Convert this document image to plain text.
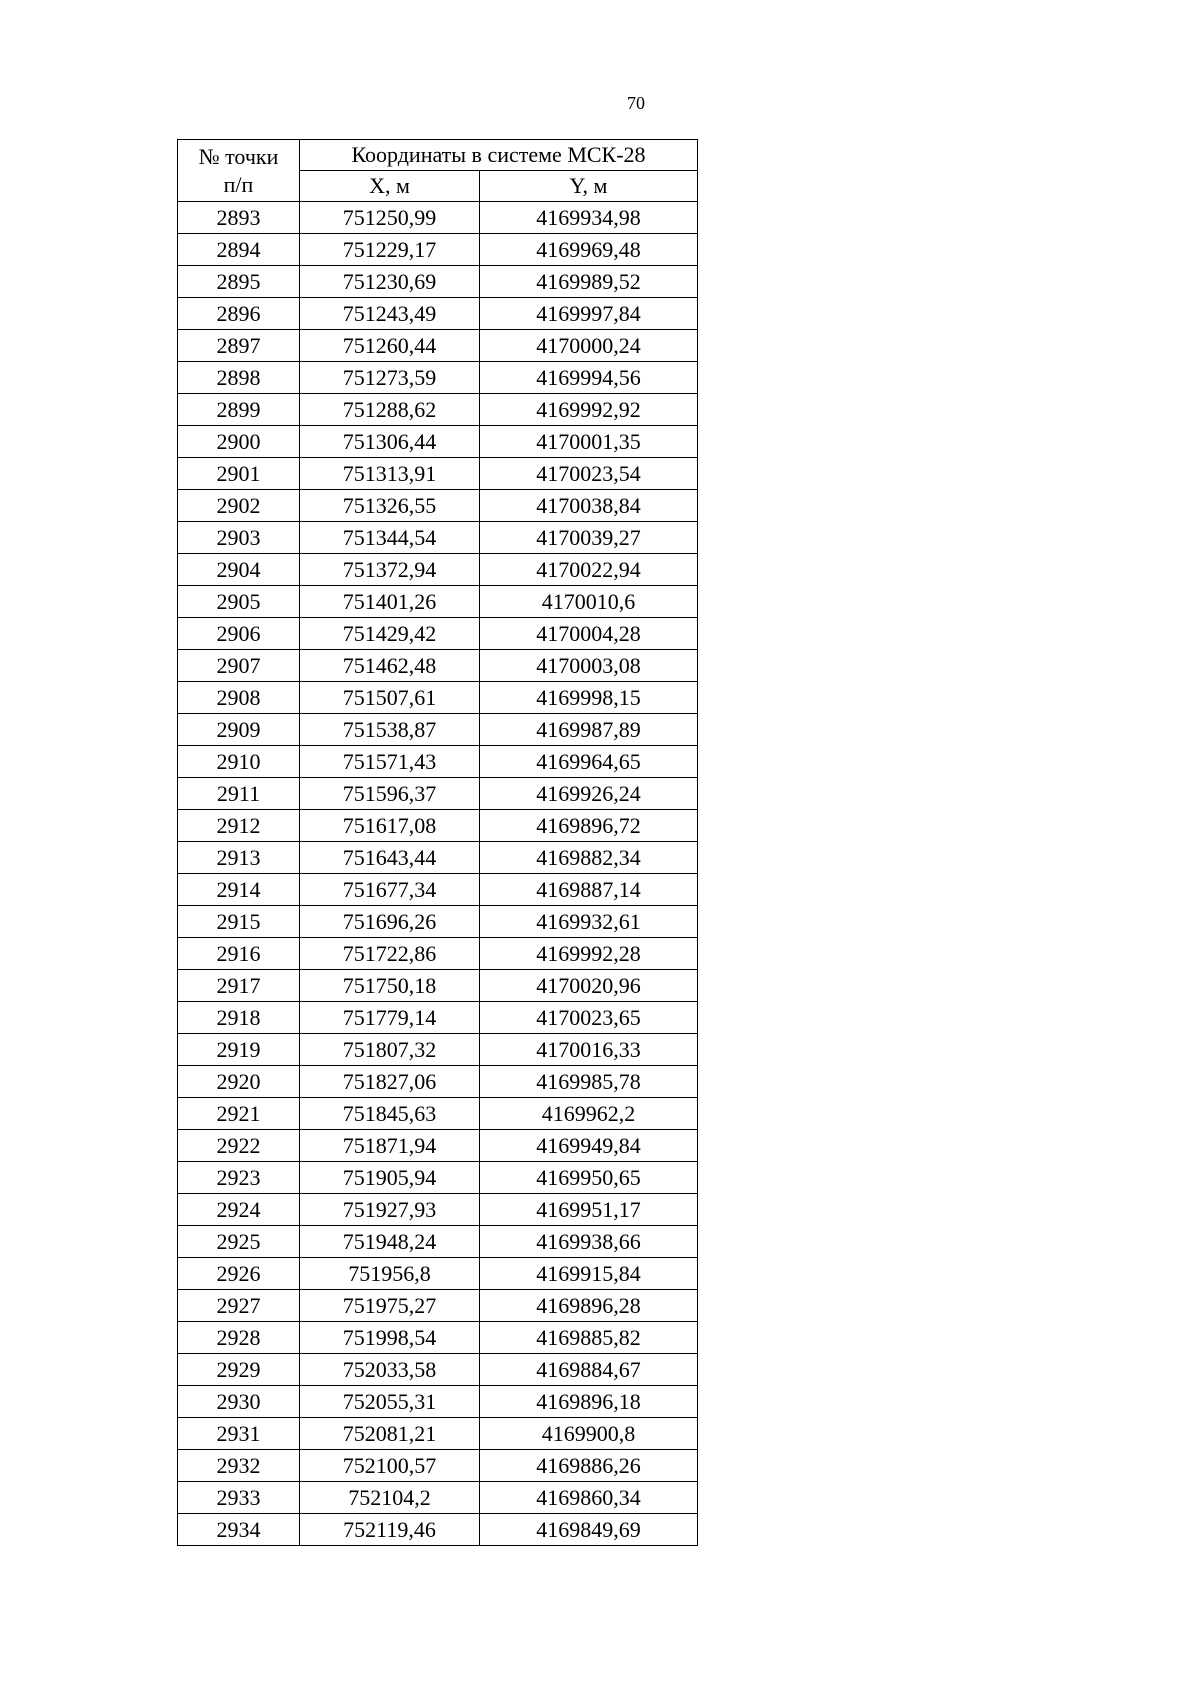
70
№ точки
п/п	Координаты в системе МСК-28	
	X, м	Y, м
2893	751250,99	4169934,98
2894	751229,17	4169969,48
2895	751230,69	4169989,52
2896	751243,49	4169997,84
2897	751260,44	4170000,24
2898	751273,59	4169994,56
2899	751288,62	4169992,92
2900	751306,44	4170001,35
2901	751313,91	4170023,54
2902	751326,55	4170038,84
2903	751344,54	4170039,27
2904	751372,94	4170022,94
2905	751401,26	4170010,6
2906	751429,42	4170004,28
2907	751462,48	4170003,08
2908	751507,61	4169998,15
2909	751538,87	4169987,89
2910	751571,43	4169964,65
2911	751596,37	4169926,24
2912	751617,08	4169896,72
2913	751643,44	4169882,34
2914	751677,34	4169887,14
2915	751696,26	4169932,61
2916	751722,86	4169992,28
2917	751750,18	4170020,96
2918	751779,14	4170023,65
2919	751807,32	4170016,33
2920	751827,06	4169985,78
2921	751845,63	4169962,2
2922	751871,94	4169949,84
2923	751905,94	4169950,65
2924	751927,93	4169951,17
2925	751948,24	4169938,66
2926	751956,8	4169915,84
2927	751975,27	4169896,28
2928	751998,54	4169885,82
2929	752033,58	4169884,67
2930	752055,31	4169896,18
2931	752081,21	4169900,8
2932	752100,57	4169886,26
2933	752104,2	4169860,34
2934	752119,46	4169849,69
